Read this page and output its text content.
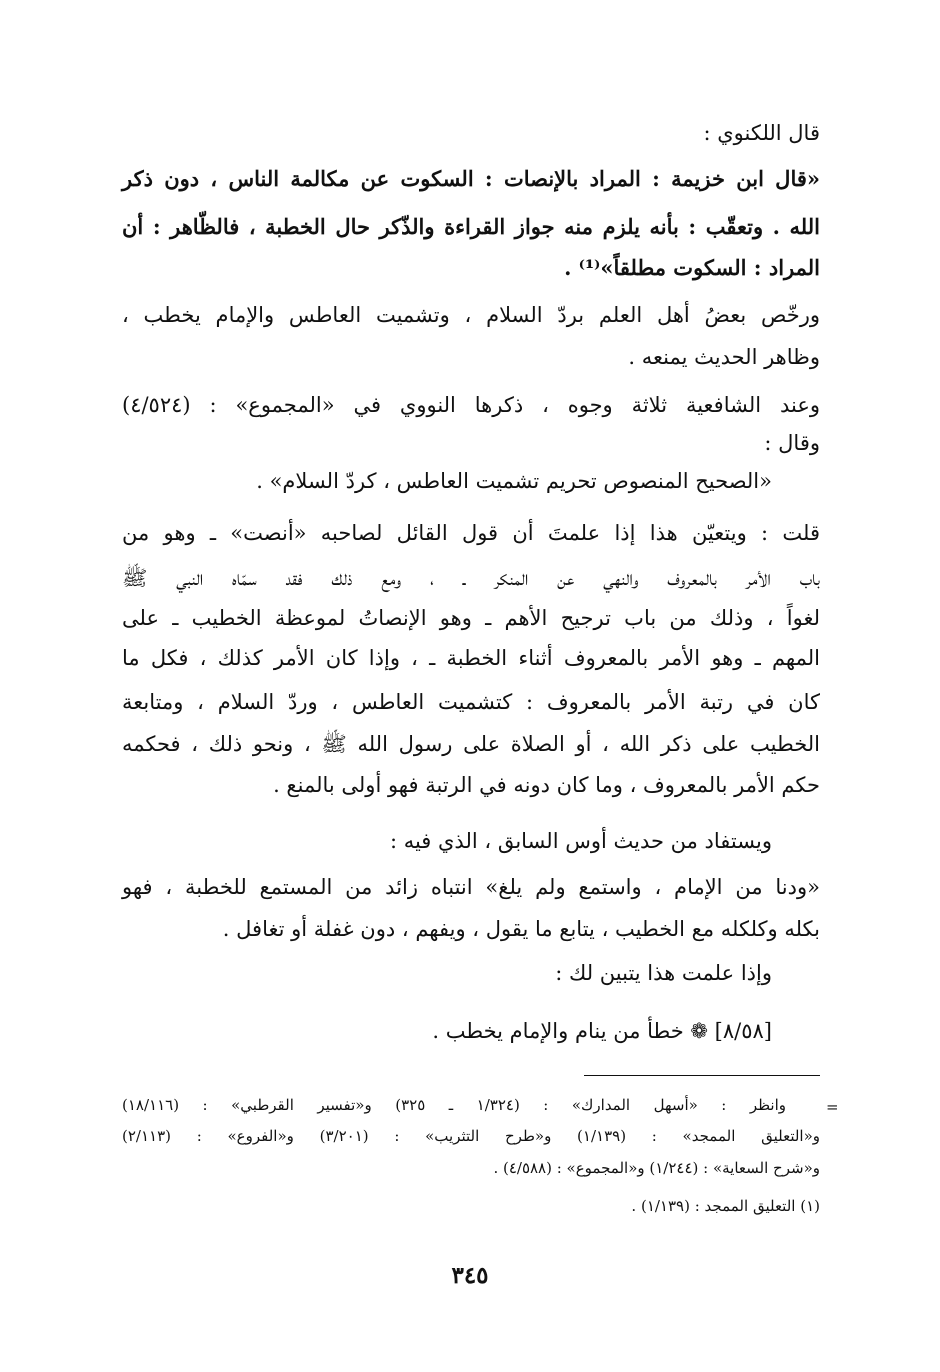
قال اللكنوي :
«قال ابن خزيمة : المراد بالإنصات : السكوت عن مكالمة الناس ، دون ذكر
الله . وتعقّب : بأنه يلزم منه جواز القراءة والذّكر حال الخطبة ، فالظّاهر : أن
المراد : السكوت مطلقاً»⁽¹⁾ .
ورخّص بعضُ أهل العلم بردّ السلام ، وتشميت العاطس والإمام يخطب ،
وظاهر الحديث يمنعه .
وعند الشافعية ثلاثة وجوه ، ذكرها النووي في «المجموع» : (٤/٥٢٤)
وقال :
«الصحيح المنصوص تحريم تشميت العاطس ، كردّ السلام» .
قلت : ويتعيّن هذا إذا علمتَ أن قول القائل لصاحبه «أنصت» ـ وهو من
باب الأمر بالمعروف والنهي عن المنكر ـ ، ومع ذلك فقد سمّاه النبي ﷺ
لغواً ، وذلك من باب ترجيح الأهم ـ وهو الإنصاتُ لموعظة الخطيب ـ على
المهم ـ وهو الأمر بالمعروف أثناء الخطبة ـ ، وإذا كان الأمر كذلك ، فكل ما
كان في رتبة الأمر بالمعروف : كتشميت العاطس ، وردّ السلام ، ومتابعة
الخطيب على ذكر الله ، أو الصلاة على رسول الله ﷺ ، ونحو ذلك ، فحكمه
حكم الأمر بالمعروف ، وما كان دونه في الرتبة فهو أولى بالمنع .
ويستفاد من حديث أوس السابق ، الذي فيه :
«ودنا من الإمام ، واستمع ولم يلغ» انتباه زائد من المستمع للخطبة ، فهو
بكله وكلكله مع الخطيب ، يتابع ما يقول ، ويفهم ، دون غفلة أو تغافل .
وإذا علمت هذا يتبين لك :
[٨/٥٨] ❁ خطأ من ينام والإمام يخطب .
=
وانظر : «أسهل المدارك» : (١/٣٢٤ ـ ٣٢٥) و«تفسير القرطبي» : (١٨/١١٦)
و«التعليق الممجد» : (١/١٣٩) و«طرح التثريب» : (٣/٢٠١) و«الفروع» : (٢/١١٣)
و«شرح السعاية» : (١/٢٤٤) و«المجموع» : (٤/٥٨٨) .
(١) التعليق الممجد : (١/١٣٩) .
٣٤٥
